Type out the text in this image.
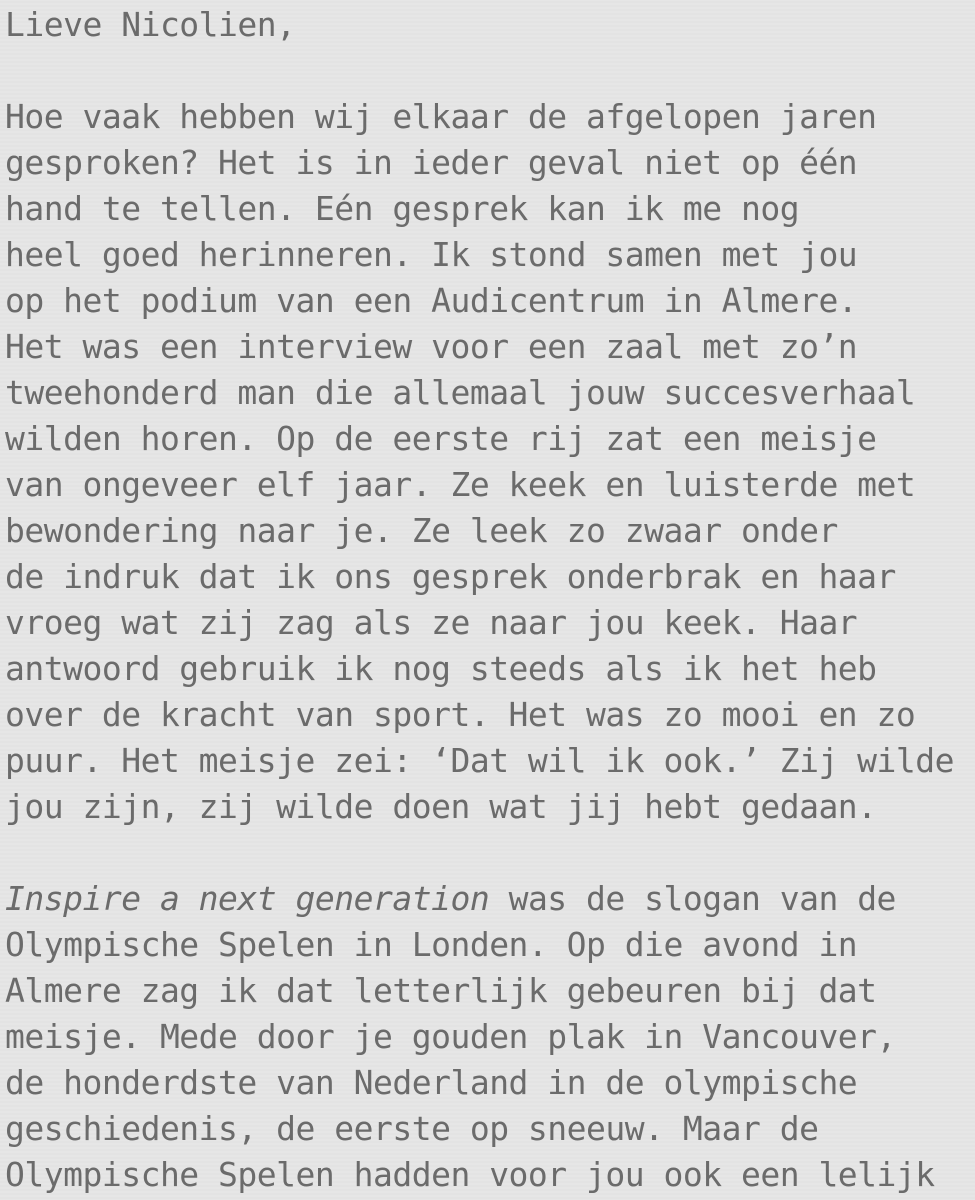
Lieve Nicolien,
Hoe vaak hebben wij elkaar de afgelopen jaren
gesproken? Het is in ieder geval niet op één
hand te tellen. Eén gesprek kan ik me nog
heel goed herinneren. Ik stond samen met jou
op het podium van een Audicentrum in Almere.
Het was een interview voor een zaal met zo’n
tweehonderd man die allemaal jouw succesverhaal
wilden horen. Op de eerste rij zat een meisje
van ongeveer elf jaar. Ze keek en luisterde met
bewondering naar je. Ze leek zo zwaar onder
de indruk dat ik ons gesprek onderbrak en haar
vroeg wat zij zag als ze naar jou keek. Haar
antwoord gebruik ik nog steeds als ik het heb
over de kracht van sport. Het was zo mooi en zo
puur. Het meisje zei: ‘Dat wil ik ook.’ Zij wilde
jou zijn, zij wilde doen wat jij hebt gedaan.
Inspire a next generation was de slogan van de
Olympische Spelen in Londen. Op die avond in
Almere zag ik dat letterlijk gebeuren bij dat
meisje. Mede door je gouden plak in Vancouver,
de honderdste van Nederland in de olympische
geschiedenis, de eerste op sneeuw. Maar de
Olympische Spelen hadden voor jou ook een lelijk
